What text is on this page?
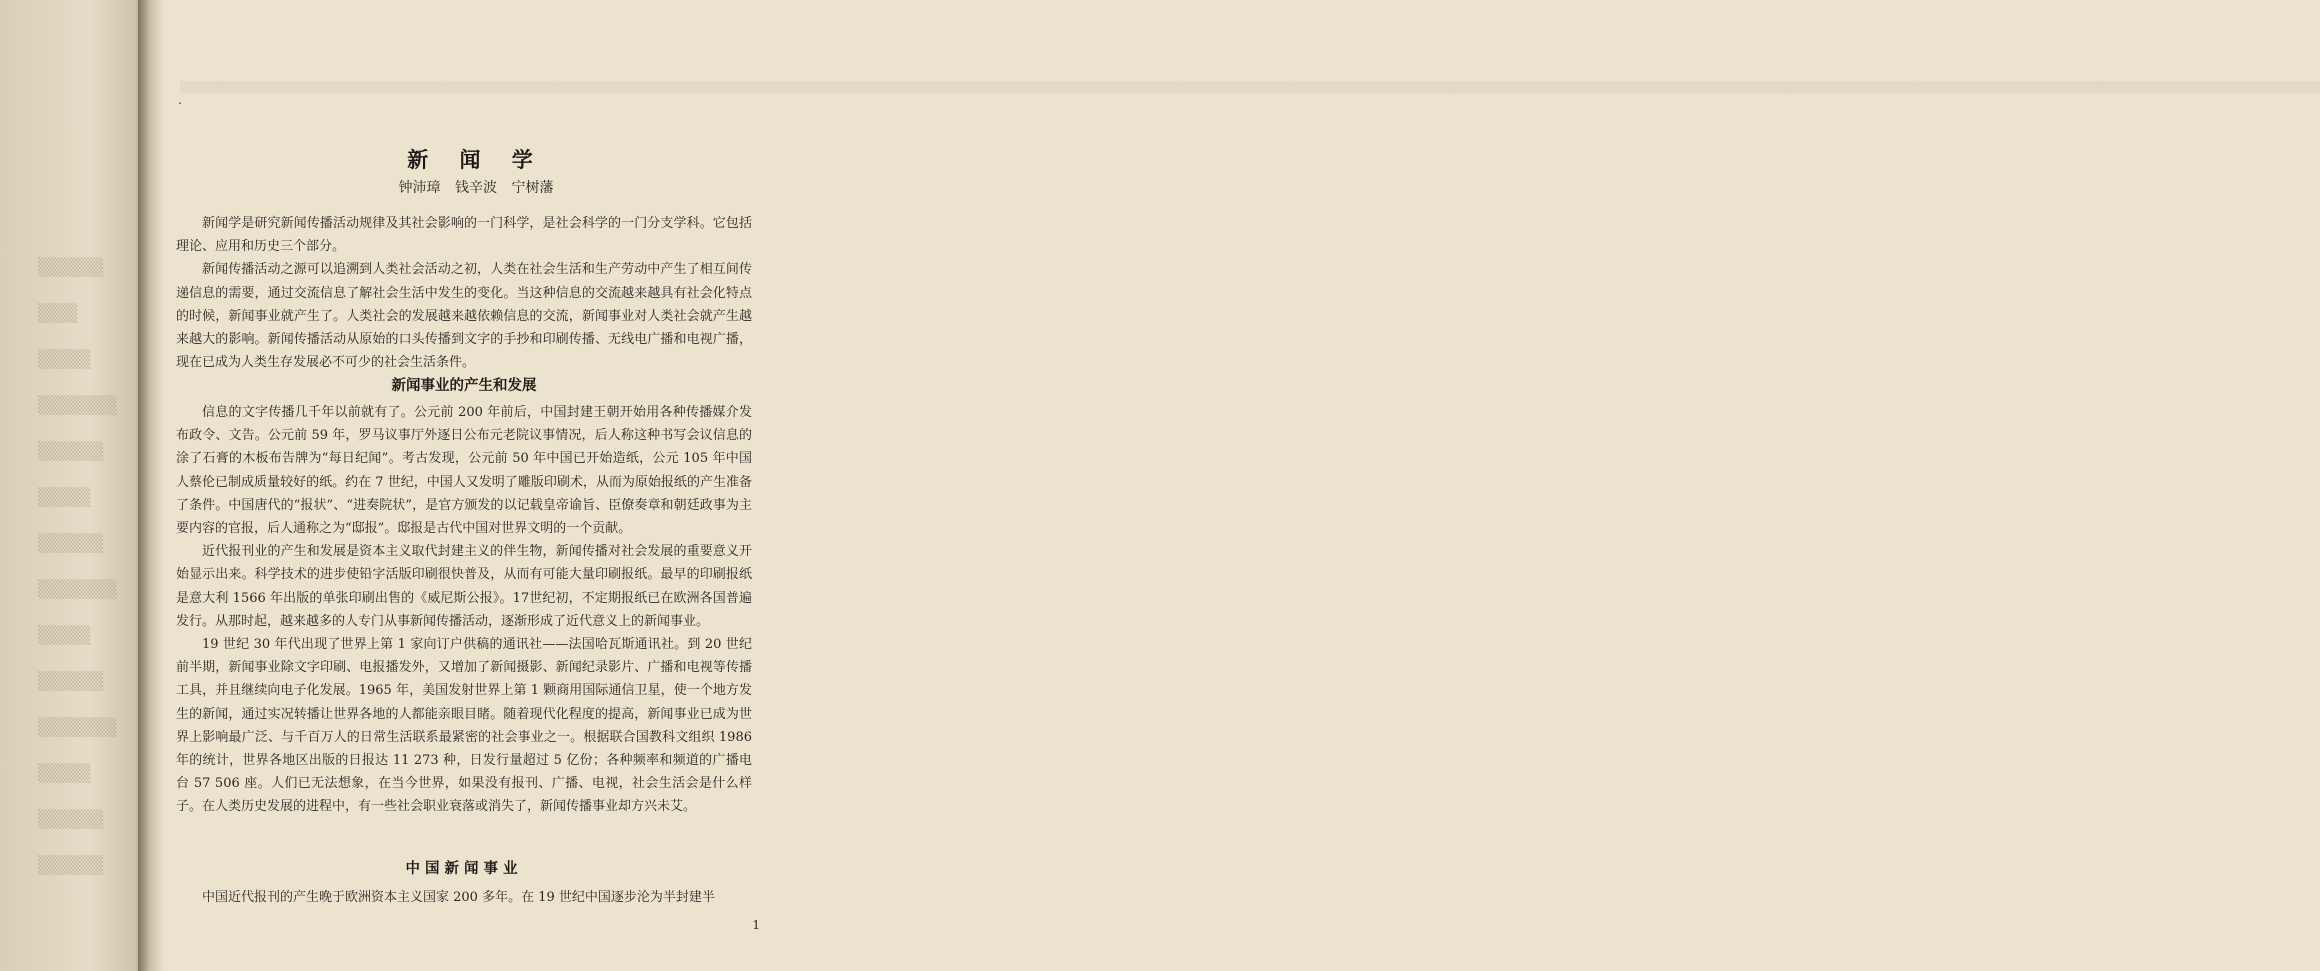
▒▒▒▒▒
▒▒▒
▒▒▒▒
▒▒▒▒▒▒
▒▒▒▒▒
▒▒▒▒
▒▒▒▒▒
▒▒▒▒▒▒
▒▒▒▒
▒▒▒▒▒
▒▒▒▒▒▒
▒▒▒▒
▒▒▒▒▒
▒▒▒▒▒
▒▒▒▒▒▒▒▒▒▒▒▒▒▒▒▒▒▒▒▒▒▒▒▒▒▒▒▒▒▒▒▒▒▒▒▒▒▒▒▒▒▒▒▒▒▒▒▒▒▒▒▒▒▒▒▒▒▒▒▒▒▒▒▒▒▒▒▒▒▒▒▒▒▒▒▒▒▒▒▒▒▒▒▒▒▒▒▒▒▒▒▒▒▒▒▒▒▒▒▒▒▒▒▒▒▒▒▒▒▒▒▒▒▒▒▒▒▒▒▒▒▒▒▒▒▒▒▒▒▒▒▒▒▒▒▒▒▒▒▒▒▒▒▒▒▒▒▒▒▒▒▒▒▒▒▒▒▒▒▒▒▒▒▒▒▒▒▒▒▒▒▒▒▒▒▒▒▒▒▒▒▒▒▒▒▒▒▒▒▒▒▒▒▒▒▒▒▒▒▒▒▒▒▒▒▒▒▒▒▒▒▒▒▒▒▒▒▒▒▒▒▒▒▒▒▒▒▒▒▒▒▒▒▒▒▒▒▒▒▒▒▒▒▒▒▒▒▒▒▒▒▒▒
.
新 闻 学
钟沛璋 钱辛波 宁树藩

新闻学是研究新闻传播活动规律及其社会影响的一门科学，是社会科学的一门分支学科。它包括理论、应用和历史三个部分。

新闻传播活动之源可以追溯到人类社会活动之初，人类在社会生活和生产劳动中产生了相互间传递信息的需要，通过交流信息了解社会生活中发生的变化。当这种信息的交流越来越具有社会化特点的时候，新闻事业就产生了。人类社会的发展越来越依赖信息的交流，新闻事业对人类社会就产生越来越大的影响。新闻传播活动从原始的口头传播到文字的手抄和印刷传播、无线电广播和电视广播，现在已成为人类生存发展必不可少的社会生活条件。

新闻事业的产生和发展

信息的文字传播几千年以前就有了。公元前 200 年前后，中国封建王朝开始用各种传播媒介发布政令、文告。公元前 59 年，罗马议事厅外逐日公布元老院议事情况，后人称这种书写会议信息的涂了石膏的木板布告牌为“每日纪闻”。考古发现，公元前 50 年中国已开始造纸，公元 105 年中国人蔡伦已制成质量较好的纸。约在 7 世纪，中国人又发明了雕版印刷术，从而为原始报纸的产生准备了条件。中国唐代的“报状”、“进奏院状”，是官方颁发的以记载皇帝谕旨、臣僚奏章和朝廷政事为主要内容的官报，后人通称之为“邸报”。邸报是古代中国对世界文明的一个贡献。

近代报刊业的产生和发展是资本主义取代封建主义的伴生物，新闻传播对社会发展的重要意义开始显示出来。科学技术的进步使铅字活版印刷很快普及，从而有可能大量印刷报纸。最早的印刷报纸是意大利 1566 年出版的单张印刷出售的《威尼斯公报》。17世纪初，不定期报纸已在欧洲各国普遍发行。从那时起，越来越多的人专门从事新闻传播活动，逐渐形成了近代意义上的新闻事业。

19 世纪 30 年代出现了世界上第 1 家向订户供稿的通讯社——法国哈瓦斯通讯社。到 20 世纪前半期，新闻事业除文字印刷、电报播发外，又增加了新闻摄影、新闻纪录影片、广播和电视等传播工具，并且继续向电子化发展。1965 年，美国发射世界上第 1 颗商用国际通信卫星，使一个地方发生的新闻，通过实况转播让世界各地的人都能亲眼目睹。随着现代化程度的提高，新闻事业已成为世界上影响最广泛、与千百万人的日常生活联系最紧密的社会事业之一。根据联合国教科文组织 1986 年的统计，世界各地区出版的日报达 11 273 种，日发行量超过 5 亿份；各种频率和频道的广播电台 57 506 座。人们已无法想象，在当今世界，如果没有报刊、广播、电视，社会生活会是什么样子。在人类历史发展的进程中，有一些社会职业衰落或消失了，新闻传播事业却方兴未艾。

中国新闻事业

中国近代报刊的产生晚于欧洲资本主义国家 200 多年。在 19 世纪中国逐步沦为半封建半

1
